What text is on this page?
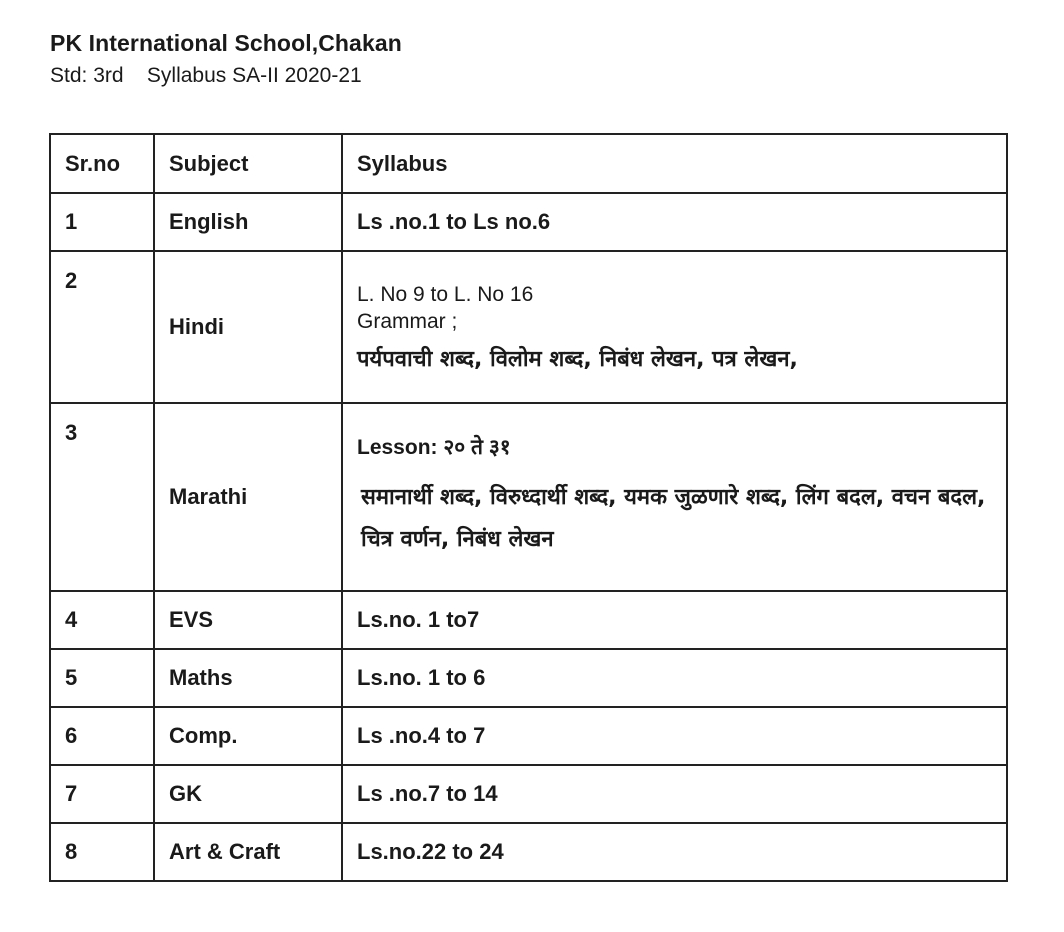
PK International School,Chakan
Std: 3rd Syllabus SA-II 2020-21
Sr.no	Subject	Syllabus
1	English	Ls .no.1 to Ls no.6
2	Hindi	L. No 9 to L. No 16
Grammar ;
पर्यपवाची शब्द, विलोम शब्द, निबंध लेखन, पत्र लेखन,

3	Marathi	Lesson: २० ते ३१
समानार्थी शब्द, विरुध्दार्थी शब्द, यमक जुळणारे शब्द, लिंग बदल, वचन बदल, चित्र वर्णन, निबंध लेखन

4	EVS	Ls.no. 1 to7
5	Maths	Ls.no. 1 to 6
6	Comp.	Ls .no.4 to 7
7	GK	Ls .no.7 to 14
8	Art & Craft	Ls.no.22 to 24
